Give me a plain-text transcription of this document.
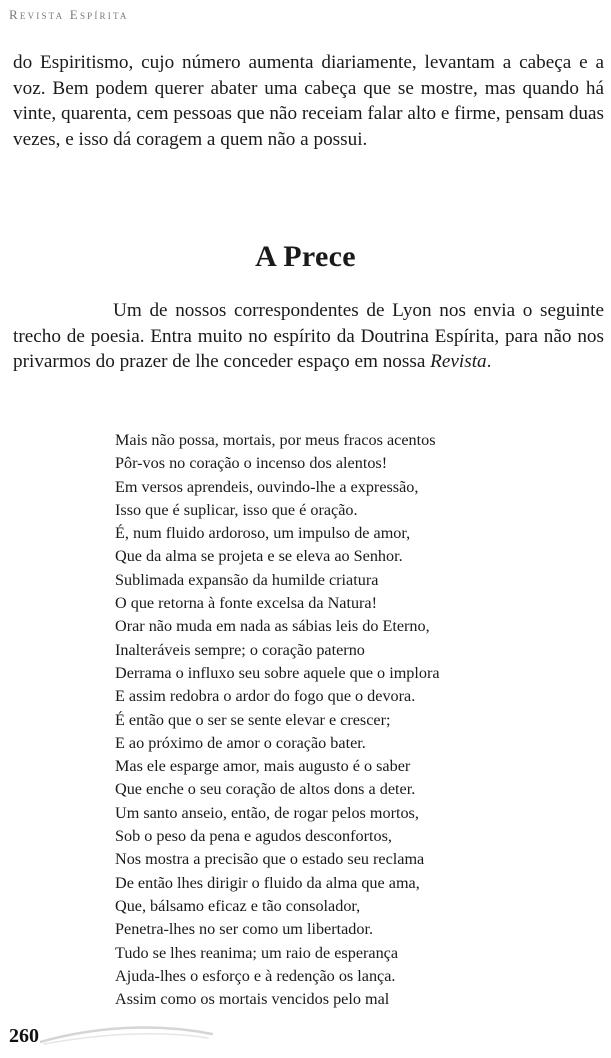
Revista Espírita

do Espiritismo, cujo número aumenta diariamente, levantam a cabeça e a voz. Bem podem querer abater uma cabeça que se mostre, mas quando há vinte, quarenta, cem pessoas que não receiam falar alto e firme, pensam duas vezes, e isso dá coragem a quem não a possui.

A Prece

Um de nossos correspondentes de Lyon nos envia o seguinte trecho de poesia. Entra muito no espírito da Doutrina Espírita, para não nos privarmos do prazer de lhe conceder espaço em nossa Revista.

Mais não possa, mortais, por meus fracos acentos
Pôr-vos no coração o incenso dos alentos!
Em versos aprendeis, ouvindo-lhe a expressão,
Isso que é suplicar, isso que é oração.
É, num fluido ardoroso, um impulso de amor,
Que da alma se projeta e se eleva ao Senhor.
Sublimada expansão da humilde criatura
O que retorna à fonte excelsa da Natura!
Orar não muda em nada as sábias leis do Eterno,
Inalteráveis sempre; o coração paterno
Derrama o influxo seu sobre aquele que o implora
E assim redobra o ardor do fogo que o devora.
É então que o ser se sente elevar e crescer;
E ao próximo de amor o coração bater.
Mas ele esparge amor, mais augusto é o saber
Que enche o seu coração de altos dons a deter.
Um santo anseio, então, de rogar pelos mortos,
Sob o peso da pena e agudos desconfortos,
Nos mostra a precisão que o estado seu reclama
De então lhes dirigir o fluido da alma que ama,
Que, bálsamo eficaz e tão consolador,
Penetra-lhes no ser como um libertador.
Tudo se lhes reanima; um raio de esperança
Ajuda-lhes o esforço e à redenção os lança.
Assim como os mortais vencidos pelo mal
260
